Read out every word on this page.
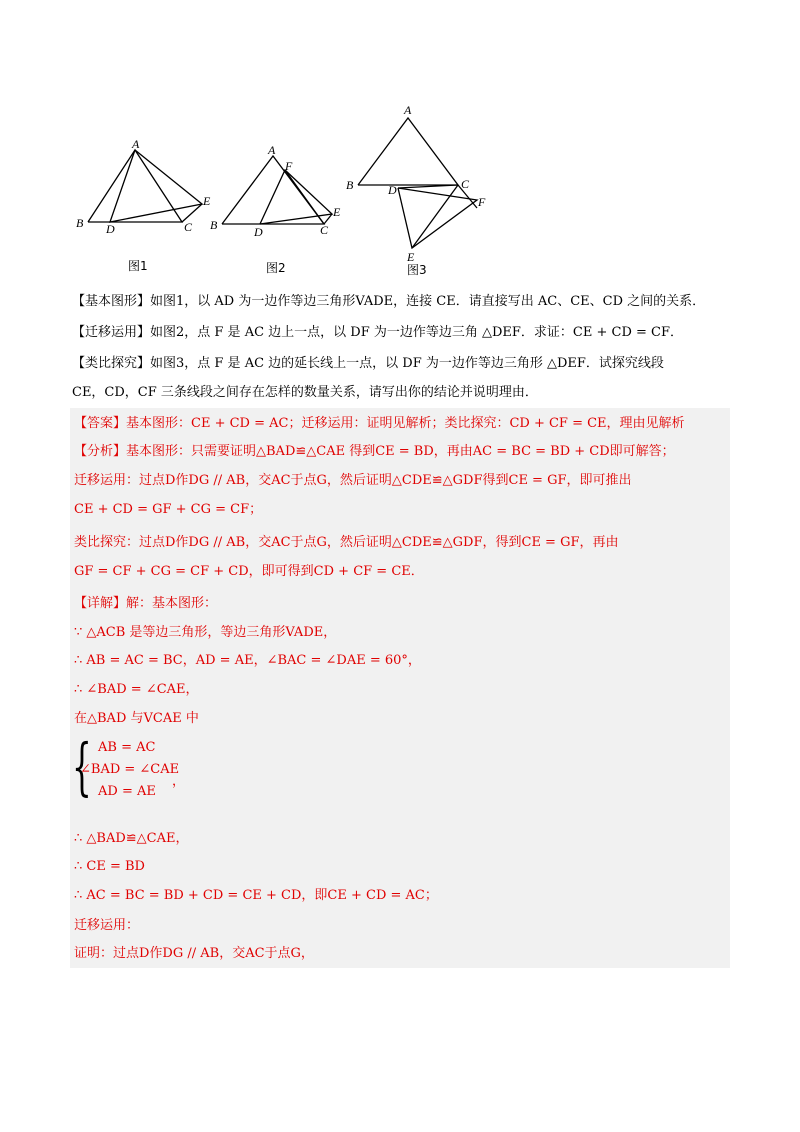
A
B	C
D
E
图1
A
B	C
D
E
F
图2
A
B	C
D
E
F
图3
【基本图形】如图1，以 AD 为一边作等边三角形VADE，连接 CE．请直接写出 AC、CE、CD 之间的关系．
【迁移运用】如图2，点 F 是 AC 边上一点，以 DF 为一边作等边三角 △DEF．求证：CE + CD = CF．
【类比探究】如图3，点 F 是 AC 边的延长线上一点，以 DF 为一边作等边三角形 △DEF．试探究线段
CE，CD，CF 三条线段之间存在怎样的数量关系，请写出你的结论并说明理由．
【答案】基本图形：CE + CD = AC；迁移运用：证明见解析；类比探究：CD + CF = CE，理由见解析
【分析】基本图形：只需要证明△BAD≌△CAE 得到CE = BD，再由AC = BC = BD + CD即可解答；
迁移运用：过点D作DG // AB，交AC于点G，然后证明△CDE≌△GDF得到CE = GF，即可推出
CE + CD = GF + CG = CF；
类比探究：过点D作DG // AB，交AC于点G，然后证明△CDE≌△GDF，得到CE = GF，再由
GF = CF + CG = CF + CD，即可得到CD + CF = CE．
【详解】解：基本图形：
∵ △ACB 是等边三角形，等边三角形VADE，
∴ AB = AC = BC，AD = AE，∠BAC = ∠DAE = 60°，
∴ ∠BAD = ∠CAE，
在△BAD 与VCAE 中
{ AB = AC
∠BAD = ∠CAE
AD = AE
，
∴ △BAD≌△CAE，
∴ CE = BD
∴ AC = BC = BD + CD = CE + CD，即CE + CD = AC；
迁移运用：
证明：过点D作DG // AB，交AC于点G，
